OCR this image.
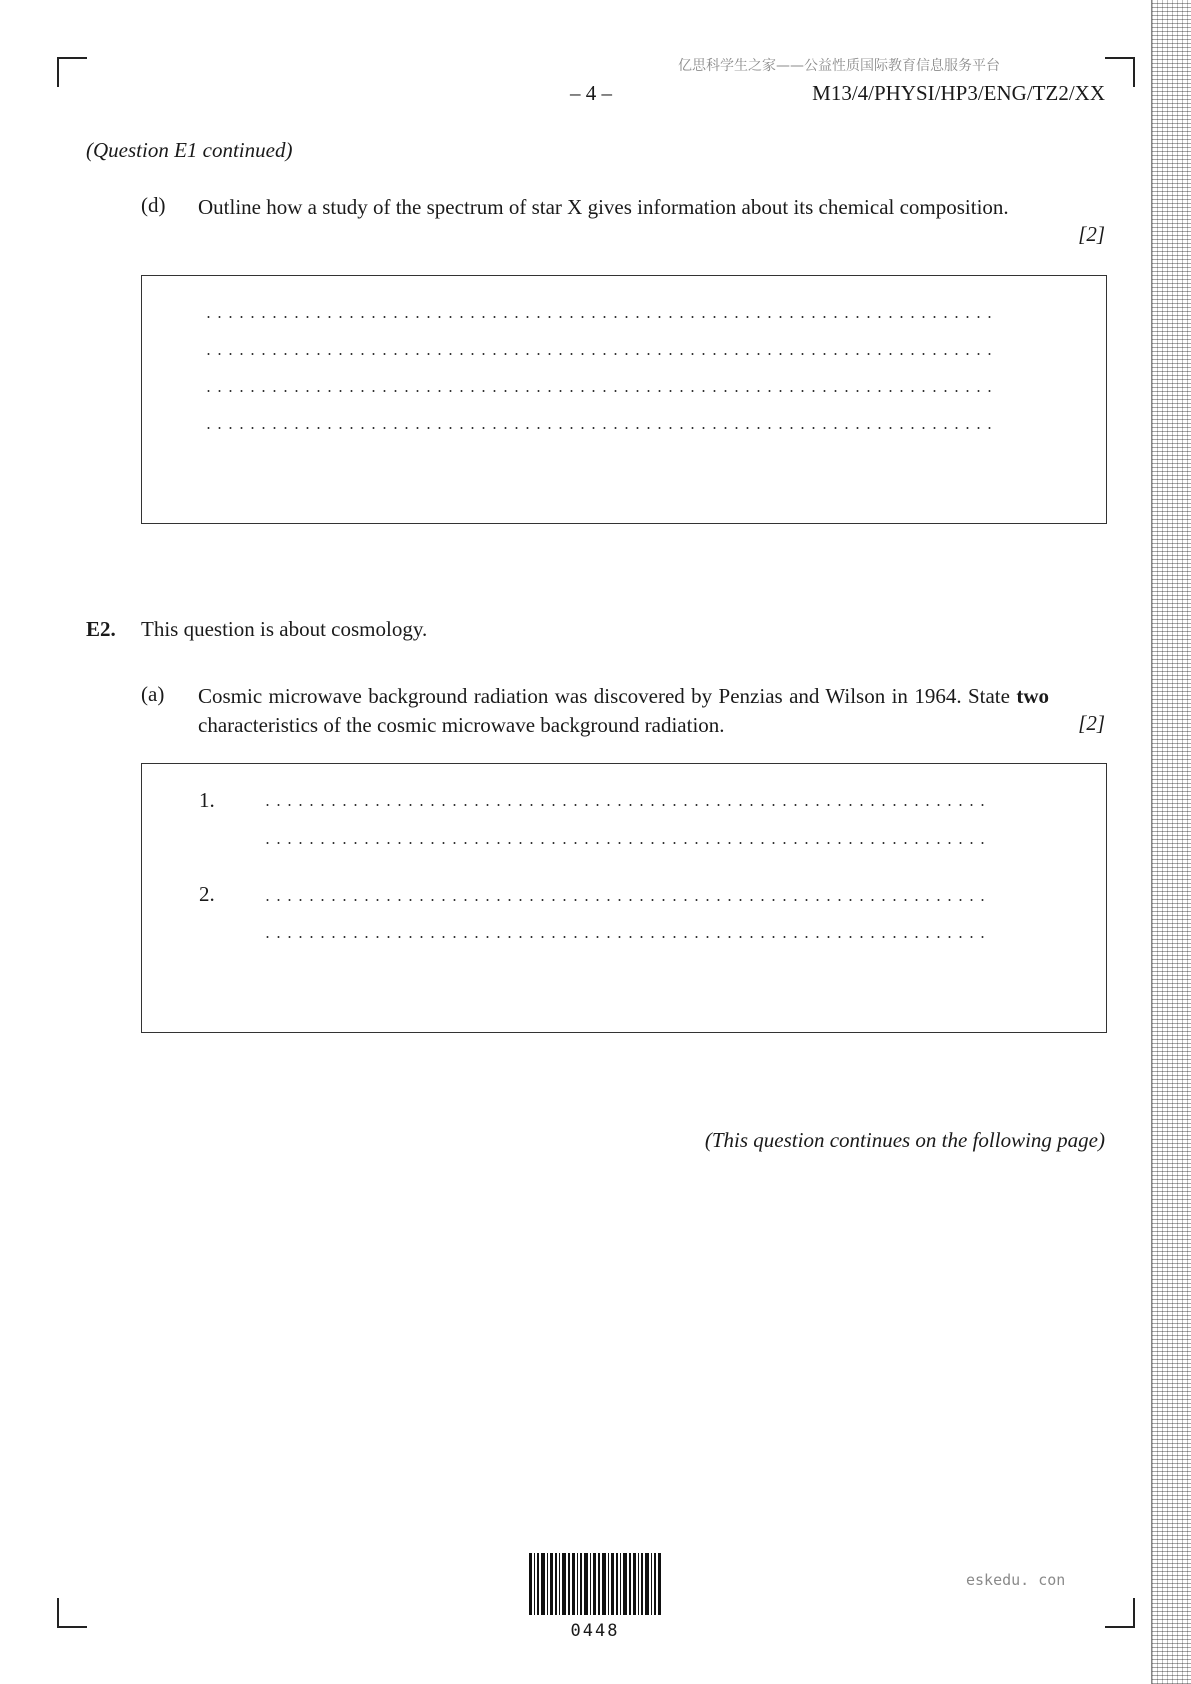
亿思科学生之家——公益性质国际教育信息服务平台
– 4 –	M13/4/PHYSI/HP3/ENG/TZ2/XX
(Question E1 continued)
(d) Outline how a study of the spectrum of star X gives information about its chemical composition.
[2]
E2. This question is about cosmology.
(a) Cosmic microwave background radiation was discovered by Penzias and Wilson in 1964. State two characteristics of the cosmic microwave background radiation.	[2]
1.
2.
(This question continues on the following page)
0448
eskedu. con
